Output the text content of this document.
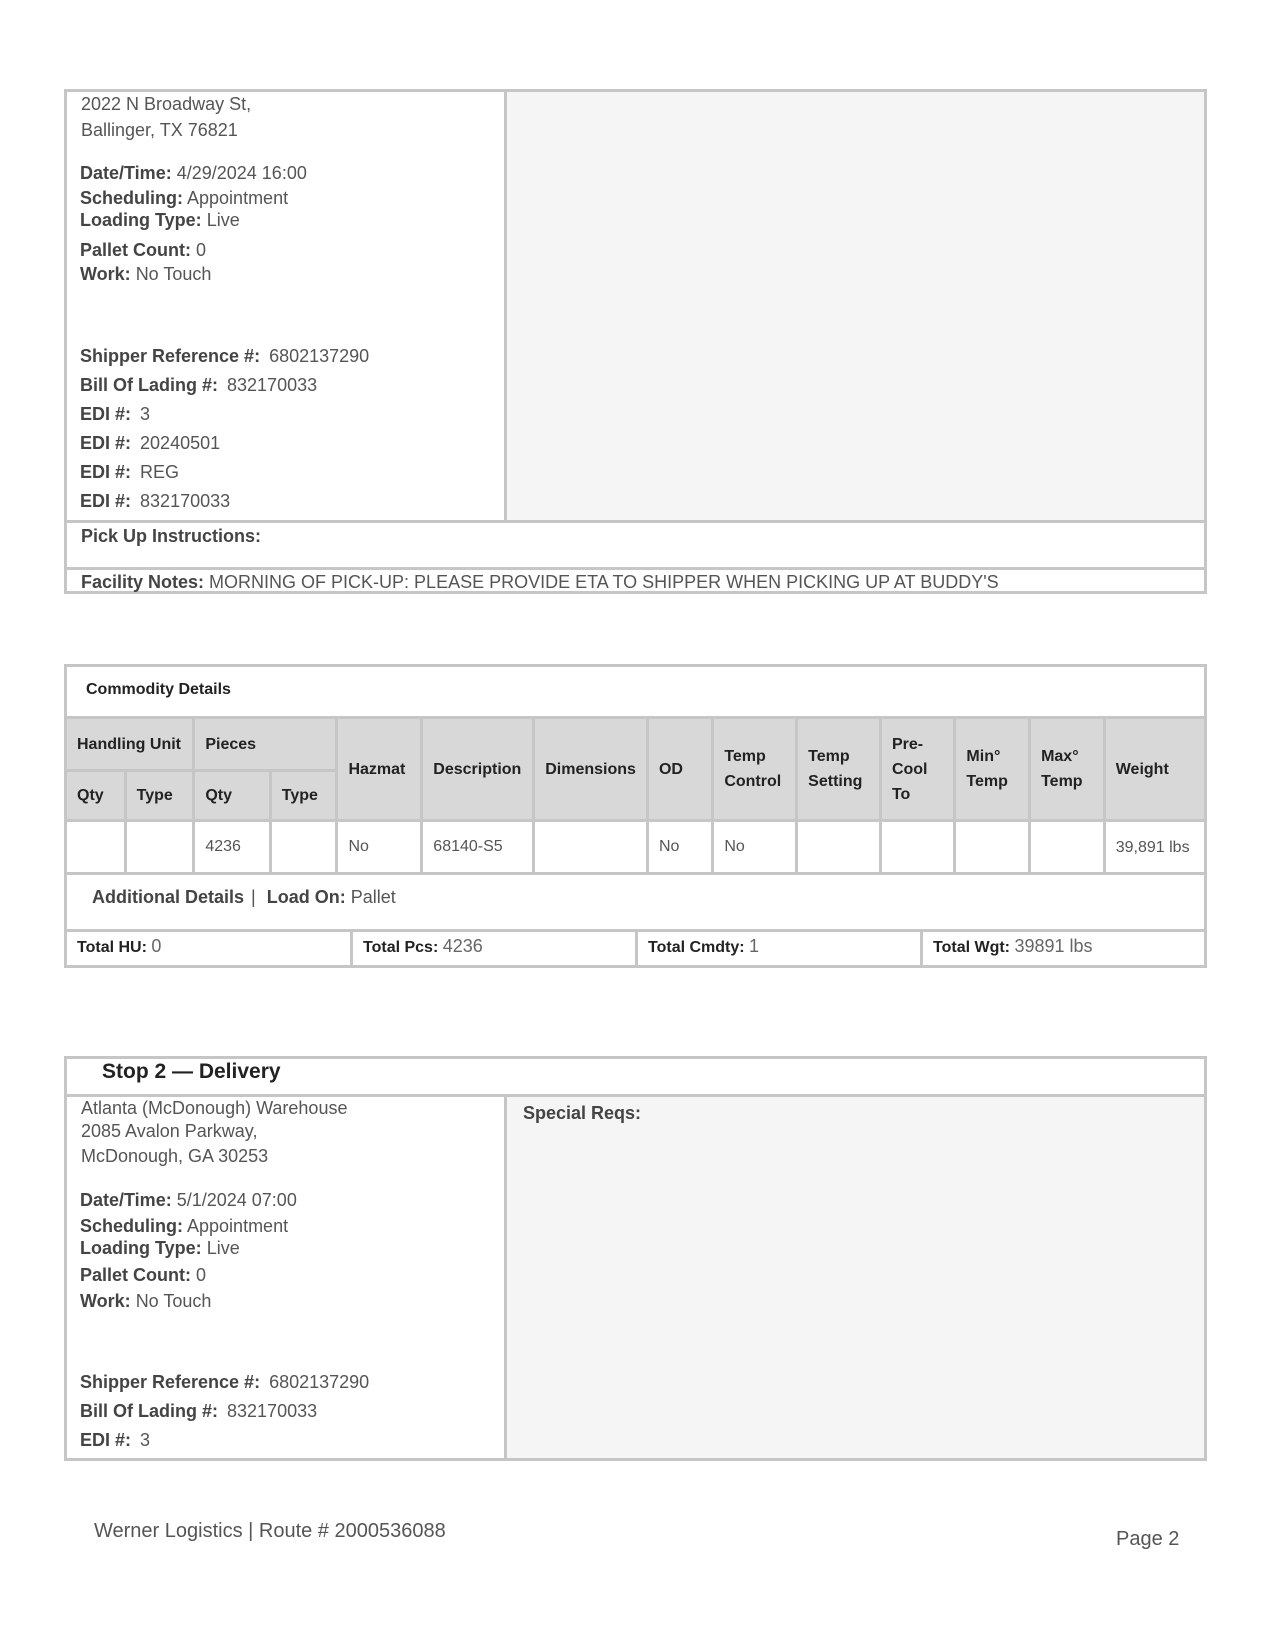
2022 N Broadway St,
Ballinger, TX 76821
Date/Time: 4/29/2024 16:00
Scheduling: Appointment
Loading Type: Live
Pallet Count: 0
Work: No Touch
Shipper Reference #: 6802137290
Bill Of Lading #: 832170033
EDI #: 3
EDI #: 20240501
EDI #: REG
EDI #: 832170033
Pick Up Instructions:
Facility Notes: MORNING OF PICK-UP: PLEASE PROVIDE ETA TO SHIPPER WHEN PICKING UP AT BUDDY'S
Commodity Details
Handling Unit		Pieces		Hazmat	Description	Dimensions	OD	Temp Control	Temp Setting	Pre-Cool To	Min° Temp	Max° Temp	Weight
Qty	Type	Qty	Type										
		4236		No	68140-S5		No	No					39,891 lbs
Additional Details | Load On: Pallet
Total HU: 0	Total Pcs: 4236	Total Cmdty: 1	Total Wgt: 39891 lbs
Stop 2 — Delivery
Special Reqs:
Atlanta (McDonough) Warehouse
2085 Avalon Parkway,
McDonough, GA 30253
Date/Time: 5/1/2024 07:00
Scheduling: Appointment
Loading Type: Live
Pallet Count: 0
Work: No Touch
Shipper Reference #: 6802137290
Bill Of Lading #: 832170033
EDI #: 3
Werner Logistics | Route # 2000536088	Page 2
